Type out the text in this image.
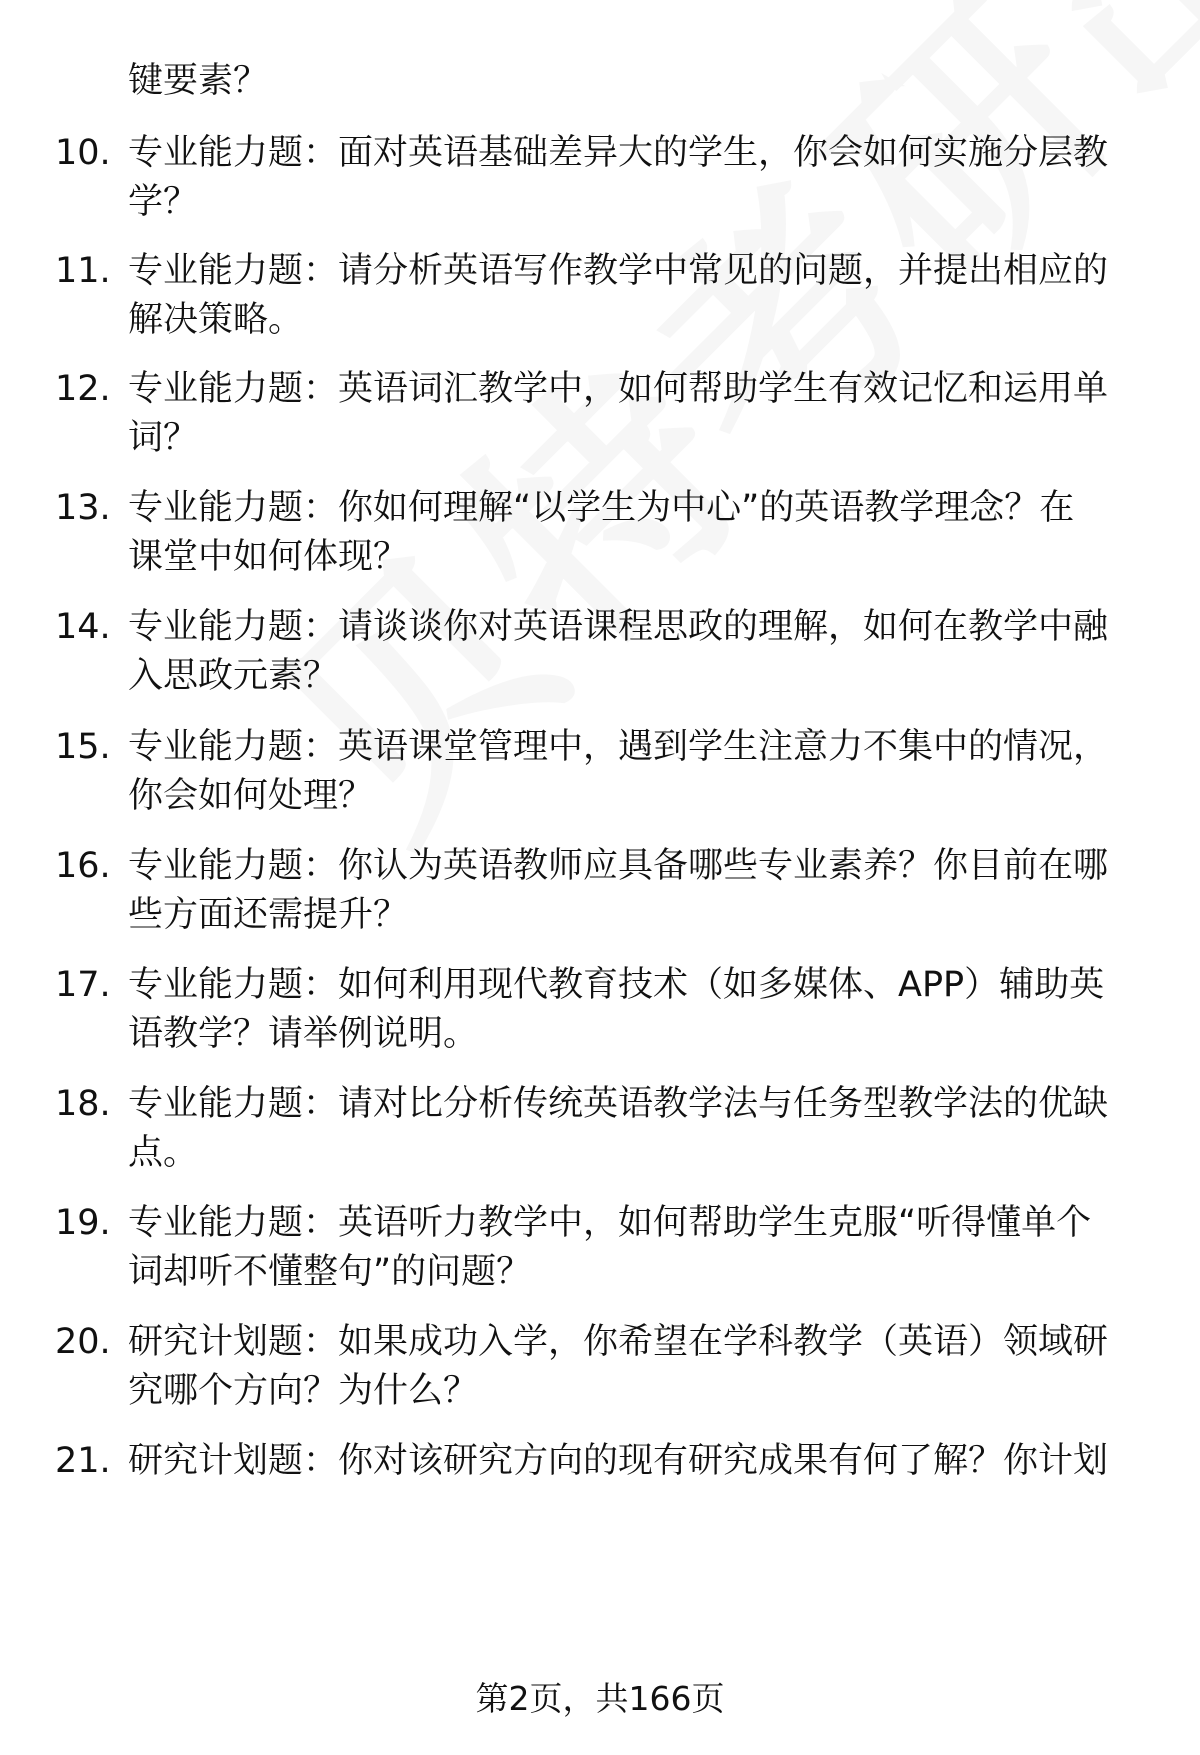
键要素？

10. 专业能力题：面对英语基础差异大的学生，你会如何实施分层教
学？

11. 专业能力题：请分析英语写作教学中常见的问题，并提出相应的
解决策略。

12. 专业能力题：英语词汇教学中，如何帮助学生有效记忆和运用单
词？

13. 专业能力题：你如何理解“以学生为中心”的英语教学理念？在
课堂中如何体现？

14. 专业能力题：请谈谈你对英语课程思政的理解，如何在教学中融
入思政元素？

15. 专业能力题：英语课堂管理中，遇到学生注意力不集中的情况，
你会如何处理？

16. 专业能力题：你认为英语教师应具备哪些专业素养？你目前在哪
些方面还需提升？

17. 专业能力题：如何利用现代教育技术（如多媒体、APP）辅助英
语教学？请举例说明。

18. 专业能力题：请对比分析传统英语教学法与任务型教学法的优缺
点。

19. 专业能力题：英语听力教学中，如何帮助学生克服“听得懂单个
词却听不懂整句”的问题？

20. 研究计划题：如果成功入学，你希望在学科教学（英语）领域研
究哪个方向？为什么？

21. 研究计划题：你对该研究方向的现有研究成果有何了解？你计划

第2页，共166页
